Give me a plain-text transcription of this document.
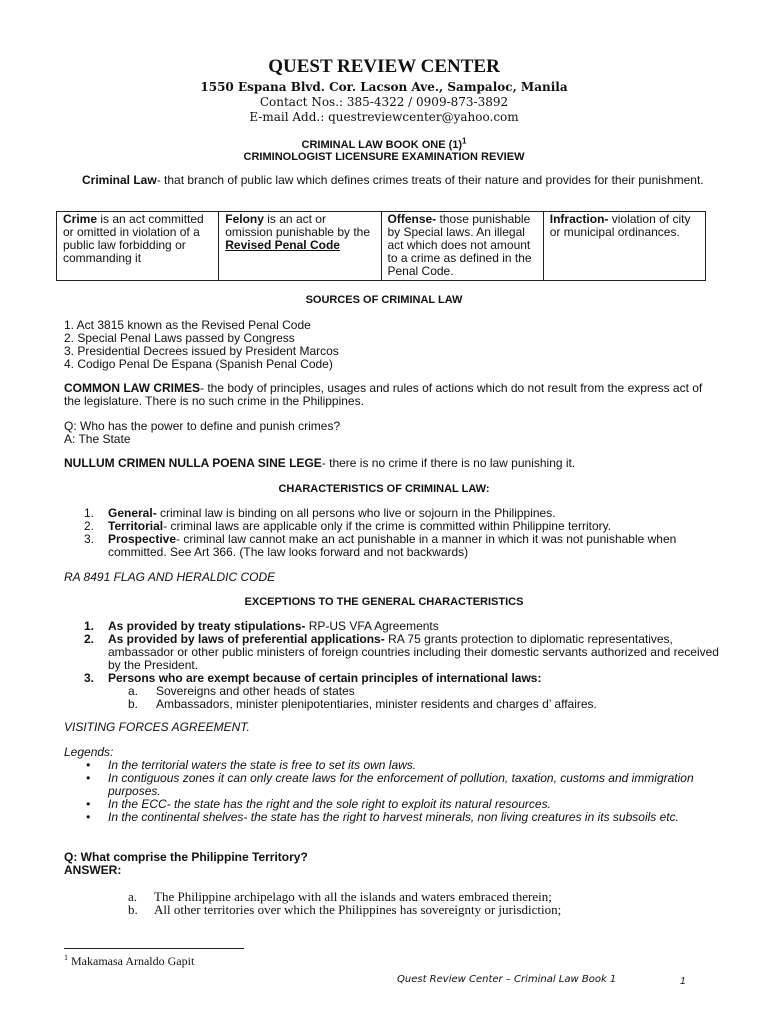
QUEST REVIEW CENTER
1550 Espana Blvd. Cor. Lacson Ave., Sampaloc, Manila
Contact Nos.: 385-4322 / 0909-873-3892
E-mail Add.: questreviewcenter@yahoo.com
CRIMINAL LAW BOOK ONE $(1)^1$
CRIMINOLOGIST LICENSURE EXAMINATION REVIEW
Criminal Law- that branch of public law which defines crimes treats of their nature and provides for their punishment.
Crime is an act committed or omitted in violation of a public law forbidding or commanding it	Felony is an act or omission punishable by the Revised Penal Code	Offense- those punishable by Special laws. An illegal act which does not amount to a crime as defined in the Penal Code.	Infraction- violation of city or municipal ordinances.
SOURCES OF CRIMINAL LAW
1. Act 3815 known as the Revised Penal Code
2. Special Penal Laws passed by Congress
3. Presidential Decrees issued by President Marcos
4. Codigo Penal De Espana (Spanish Penal Code)
COMMON LAW CRIMES- the body of principles, usages and rules of actions which do not result from the express act of the legislature. There is no such crime in the Philippines.
Q: Who has the power to define and punish crimes?
A: The State
NULLUM CRIMEN NULLA POENA SINE LEGE- there is no crime if there is no law punishing it.
CHARACTERISTICS OF CRIMINAL LAW:
1. General- criminal law is binding on all persons who live or sojourn in the Philippines.
2. Territorial- criminal laws are applicable only if the crime is committed within Philippine territory.
3. Prospective- criminal law cannot make an act punishable in a manner in which it was not punishable when committed. See Art 366. (The law looks forward and not backwards)
RA 8491 FLAG AND HERALDIC CODE
EXCEPTIONS TO THE GENERAL CHARACTERISTICS
1. As provided by treaty stipulations- RP-US VFA Agreements
2. As provided by laws of preferential applications- RA 75 grants protection to diplomatic representatives, ambassador or other public ministers of foreign countries including their domestic servants authorized and received by the President.
3. Persons who are exempt because of certain principles of international laws:
a. Sovereigns and other heads of states
b. Ambassadors, minister plenipotentiaries, minister residents and charges d’ affaires.
VISITING FORCES AGREEMENT.
Legends:
• In the territorial waters the state is free to set its own laws.
• In contiguous zones it can only create laws for the enforcement of pollution, taxation, customs and immigration purposes.
• In the ECC- the state has the right and the sole right to exploit its natural resources.
• In the continental shelves- the state has the right to harvest minerals, non living creatures in its subsoils etc.
Q: What comprise the Philippine Territory?
ANSWER:
a. The Philippine archipelago with all the islands and waters embraced therein;
b. All other territories over which the Philippines has sovereignty or jurisdiction;
$^1$ Makamasa Arnaldo Gapit
Quest Review Center – Criminal Law Book 1	1
